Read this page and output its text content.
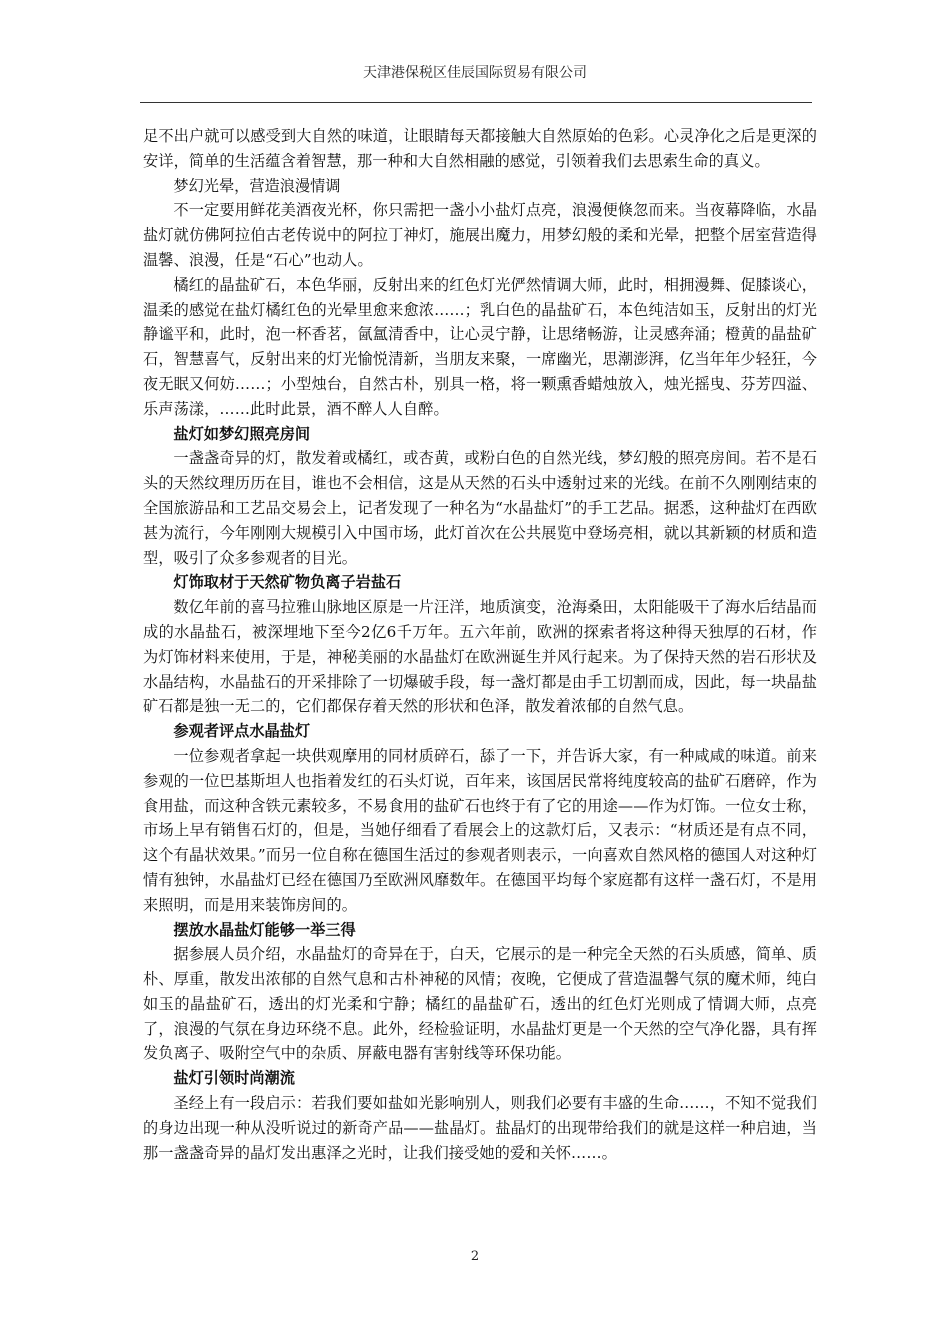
天津港保税区佳辰国际贸易有限公司

足不出户就可以感受到大自然的味道，让眼睛每天都接触大自然原始的色彩。心灵净化之后是更深的安详，简单的生活蕴含着智慧，那一种和大自然相融的感觉，引领着我们去思索生命的真义。

梦幻光晕，营造浪漫情调

不一定要用鲜花美酒夜光杯，你只需把一盏小小盐灯点亮，浪漫便倏忽而来。当夜幕降临，水晶盐灯就仿佛阿拉伯古老传说中的阿拉丁神灯，施展出魔力，用梦幻般的柔和光晕，把整个居室营造得温馨、浪漫，任是“石心”也动人。

橘红的晶盐矿石，本色华丽，反射出来的红色灯光俨然情调大师，此时，相拥漫舞、促膝谈心，温柔的感觉在盐灯橘红色的光晕里愈来愈浓……；乳白色的晶盐矿石，本色纯洁如玉，反射出的灯光静谧平和，此时，泡一杯香茗，氤氲清香中，让心灵宁静，让思绪畅游，让灵感奔涌；橙黄的晶盐矿石，智慧喜气，反射出来的灯光愉悦清新，当朋友来聚，一席幽光，思潮澎湃，亿当年年少轻狂，今夜无眠又何妨……；小型烛台，自然古朴，别具一格，将一颗熏香蜡烛放入，烛光摇曳、芬芳四溢、乐声荡漾，……此时此景，酒不醉人人自醉。

盐灯如梦幻照亮房间

一盏盏奇异的灯，散发着或橘红，或杏黄，或粉白色的自然光线，梦幻般的照亮房间。若不是石头的天然纹理历历在目，谁也不会相信，这是从天然的石头中透射过来的光线。在前不久刚刚结束的全国旅游品和工艺品交易会上，记者发现了一种名为“水晶盐灯”的手工艺品。据悉，这种盐灯在西欧甚为流行，今年刚刚大规模引入中国市场，此灯首次在公共展览中登场亮相，就以其新颖的材质和造型，吸引了众多参观者的目光。

灯饰取材于天然矿物负离子岩盐石

数亿年前的喜马拉雅山脉地区原是一片汪洋，地质演变，沧海桑田，太阳能吸干了海水后结晶而成的水晶盐石，被深埋地下至今2亿6千万年。五六年前，欧洲的探索者将这种得天独厚的石材，作为灯饰材料来使用，于是，神秘美丽的水晶盐灯在欧洲诞生并风行起来。为了保持天然的岩石形状及水晶结构，水晶盐石的开采排除了一切爆破手段，每一盏灯都是由手工切割而成，因此，每一块晶盐矿石都是独一无二的，它们都保存着天然的形状和色泽，散发着浓郁的自然气息。

参观者评点水晶盐灯

一位参观者拿起一块供观摩用的同材质碎石，舔了一下，并告诉大家，有一种咸咸的味道。前来参观的一位巴基斯坦人也指着发红的石头灯说，百年来，该国居民常将纯度较高的盐矿石磨碎，作为食用盐，而这种含铁元素较多，不易食用的盐矿石也终于有了它的用途——作为灯饰。一位女士称，市场上早有销售石灯的，但是，当她仔细看了看展会上的这款灯后，又表示：“材质还是有点不同，这个有晶状效果。”而另一位自称在德国生活过的参观者则表示，一向喜欢自然风格的德国人对这种灯情有独钟，水晶盐灯已经在德国乃至欧洲风靡数年。在德国平均每个家庭都有这样一盏石灯，不是用来照明，而是用来装饰房间的。

摆放水晶盐灯能够一举三得

据参展人员介绍，水晶盐灯的奇异在于，白天，它展示的是一种完全天然的石头质感，简单、质朴、厚重，散发出浓郁的自然气息和古朴神秘的风情；夜晚，它便成了营造温馨气氛的魔术师，纯白如玉的晶盐矿石，透出的灯光柔和宁静；橘红的晶盐矿石，透出的红色灯光则成了情调大师，点亮了，浪漫的气氛在身边环绕不息。此外，经检验证明，水晶盐灯更是一个天然的空气净化器，具有挥发负离子、吸附空气中的杂质、屏蔽电器有害射线等环保功能。

盐灯引领时尚潮流

圣经上有一段启示：若我们要如盐如光影响别人，则我们必要有丰盛的生命……，不知不觉我们的身边出现一种从没听说过的新奇产品——盐晶灯。盐晶灯的出现带给我们的就是这样一种启迪，当那一盏盏奇异的晶灯发出惠泽之光时，让我们接受她的爱和关怀……。

2
